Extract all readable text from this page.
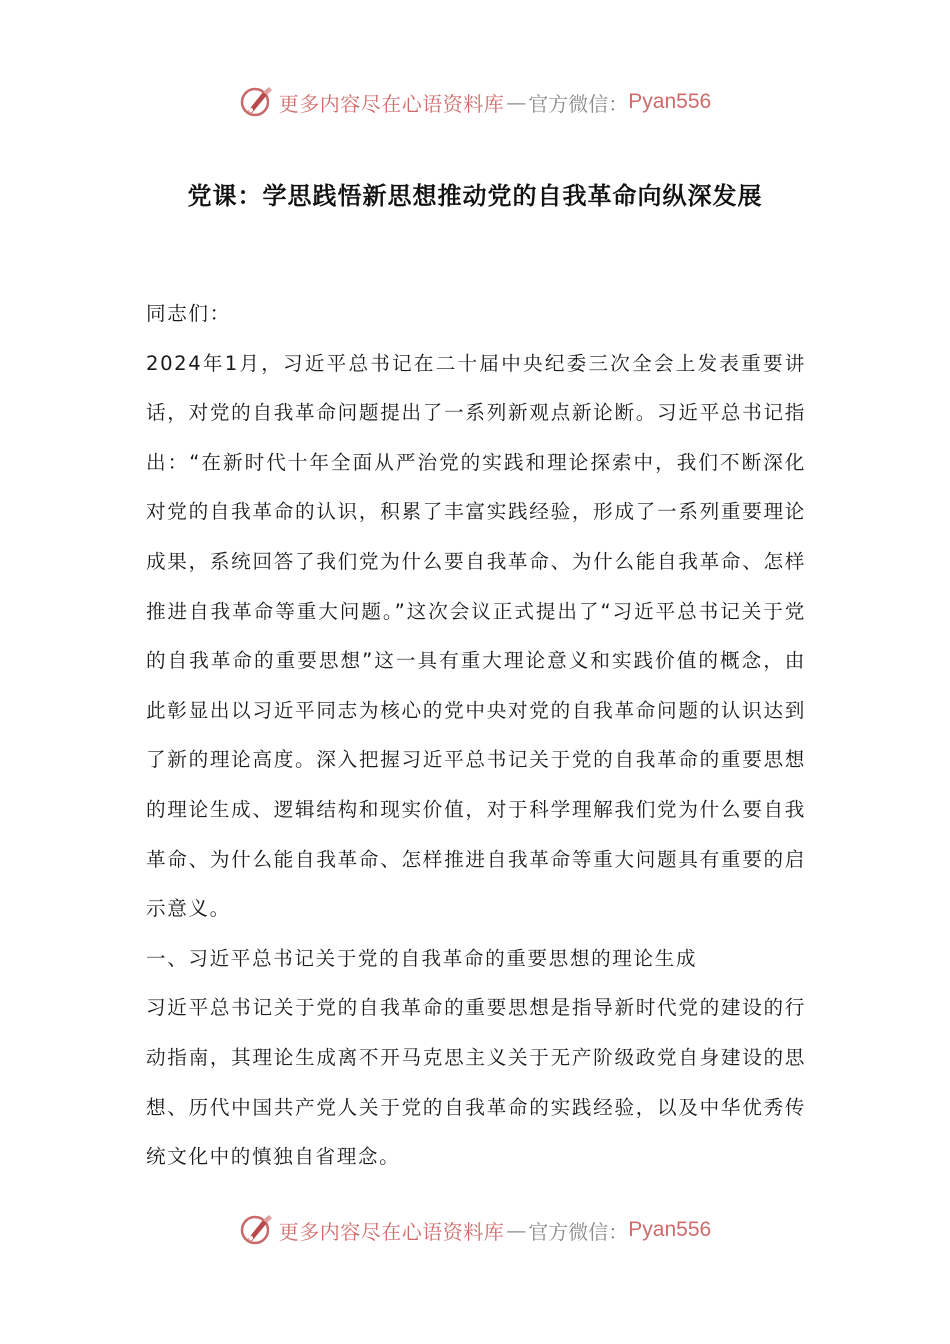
更多内容尽在心语资料库 — 官方微信： Pyan556
党课：学思践悟新思想推动党的自我革命向纵深发展

同志们：

2024年1月，习近平总书记在二十届中央纪委三次全会上发表重要讲话，对党的自我革命问题提出了一系列新观点新论断。习近平总书记指出：“在新时代十年全面从严治党的实践和理论探索中，我们不断深化对党的自我革命的认识，积累了丰富实践经验，形成了一系列重要理论成果，系统回答了我们党为什么要自我革命、为什么能自我革命、怎样推进自我革命等重大问题。”这次会议正式提出了“习近平总书记关于党的自我革命的重要思想”这一具有重大理论意义和实践价值的概念，由此彰显出以习近平同志为核心的党中央对党的自我革命问题的认识达到了新的理论高度。深入把握习近平总书记关于党的自我革命的重要思想的理论生成、逻辑结构和现实价值，对于科学理解我们党为什么要自我革命、为什么能自我革命、怎样推进自我革命等重大问题具有重要的启示意义。

一、习近平总书记关于党的自我革命的重要思想的理论生成

习近平总书记关于党的自我革命的重要思想是指导新时代党的建设的行动指南，其理论生成离不开马克思主义关于无产阶级政党自身建设的思想、历代中国共产党人关于党的自我革命的实践经验，以及中华优秀传统文化中的慎独自省理念。

更多内容尽在心语资料库 — 官方微信： Pyan556
